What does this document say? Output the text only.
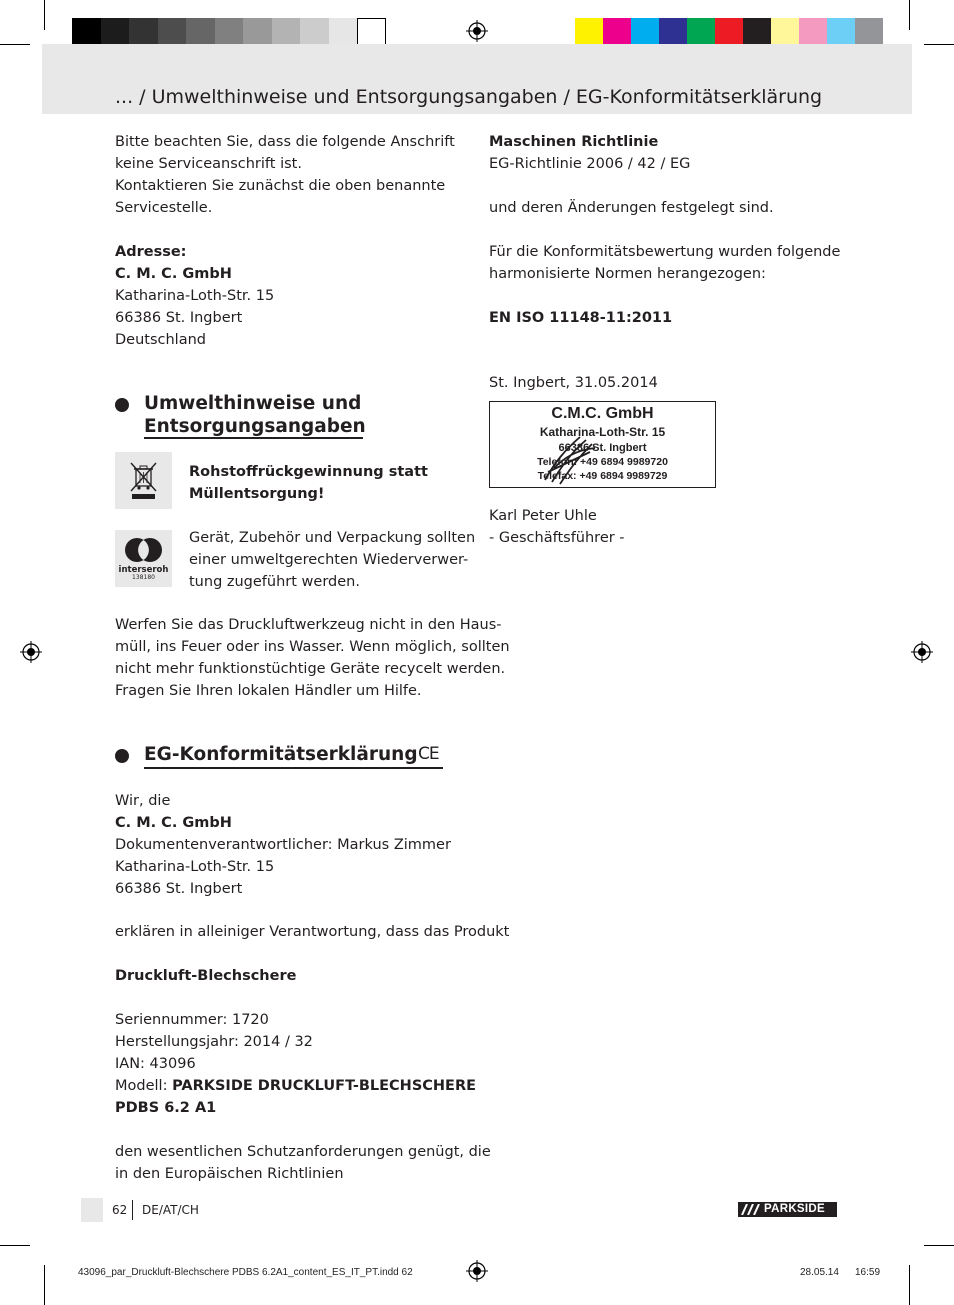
... / Umwelthinweise und Entsorgungsangaben / EG-Konformitätserklärung
Bitte beachten Sie, dass die folgende Anschrift
keine Serviceanschrift ist.
Kontaktieren Sie zunächst die oben benannte
Servicestelle.
Adresse:
C. M. C. GmbH
Katharina-Loth-Str. 15
66386 St. Ingbert
Deutschland
Umwelthinweise und
Entsorgungsangaben
Rohstoffrückgewinnung statt
Müllentsorgung!
interseroh
138180
Gerät, Zubehör und Verpackung sollten
einer umweltgerechten Wiederverwer-
tung zugeführt werden.
Werfen Sie das Druckluftwerkzeug nicht in den Haus-
müll, ins Feuer oder ins Wasser. Wenn möglich, sollten
nicht mehr funktionstüchtige Geräte recycelt werden.
Fragen Sie Ihren lokalen Händler um Hilfe.
EG-Konformitätserklärung CE
Wir, die
C. M. C. GmbH
Dokumentenverantwortlicher: Markus Zimmer
Katharina-Loth-Str. 15
66386 St. Ingbert
erklären in alleiniger Verantwortung, dass das Produkt
Druckluft-Blechschere
Seriennummer: 1720
Herstellungsjahr: 2014 / 32
IAN: 43096
Modell: PARKSIDE DRUCKLUFT-BLECHSCHERE
PDBS 6.2 A1
den wesentlichen Schutzanforderungen genügt, die
in den Europäischen Richtlinien
Maschinen Richtlinie
EG-Richtlinie 2006 / 42 / EG
und deren Änderungen festgelegt sind.
Für die Konformitätsbewertung wurden folgende
harmonisierte Normen herangezogen:
EN ISO 11148-11:2011
St. Ingbert, 31.05.2014
C.M.C. GmbH
Katharina-Loth-Str. 15
66386 St. Ingbert
Telefon: +49 6894 9989720
Telefax: +49 6894 9989729
Karl Peter Uhle
- Geschäftsführer -
62 DE/AT/CH	PARKSIDE
43096_par_Druckluft-Blechschere PDBS 6.2A1_content_ES_IT_PT.indd 62	28.05.14 16:59
